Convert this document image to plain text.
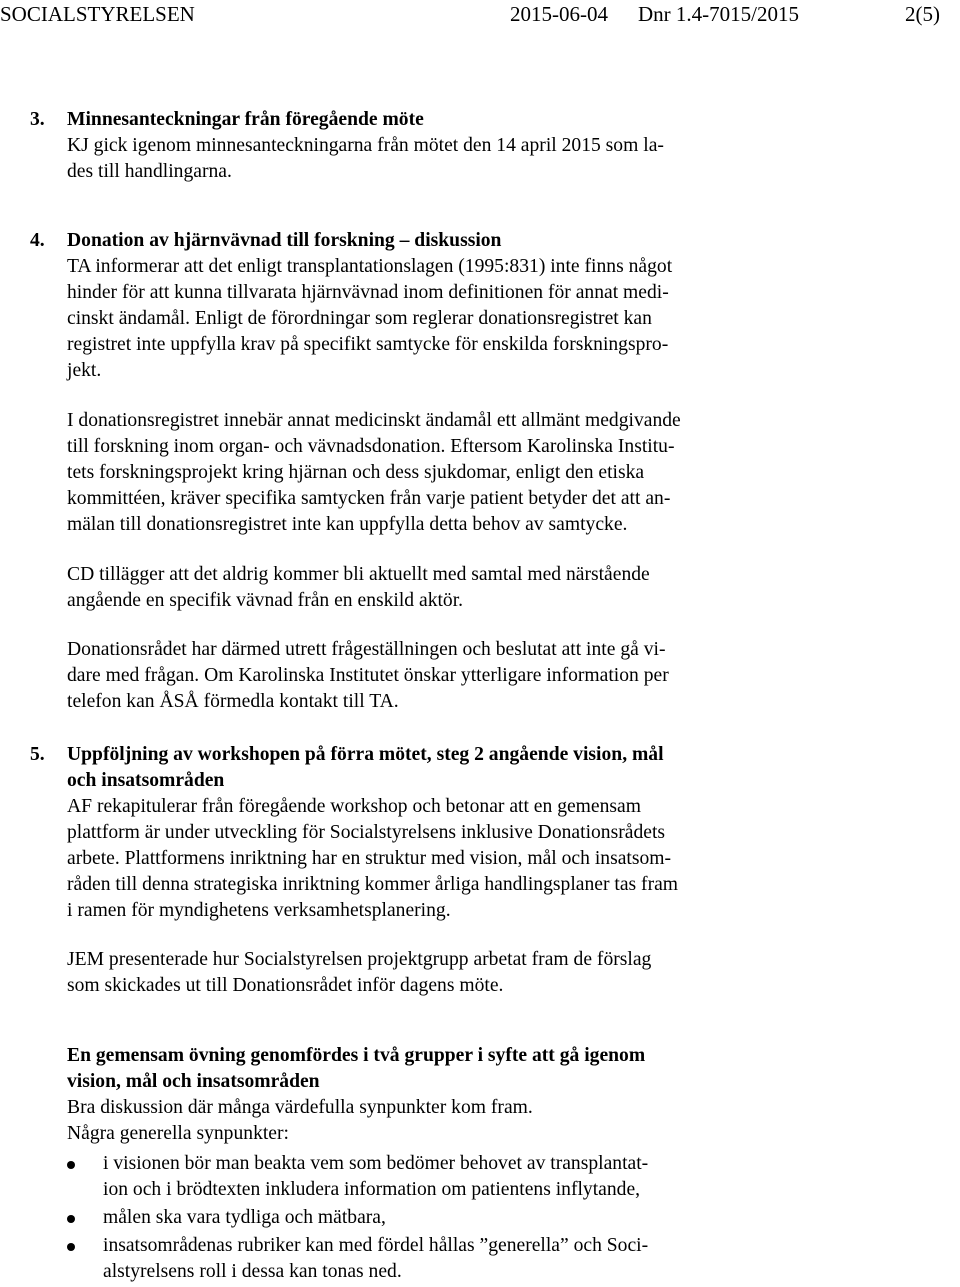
SOCIALSTYRELSEN	2015-06-04 Dnr 1.4-7015/2015	2(5)
3. Minnesanteckningar från föregående möte
KJ gick igenom minnesanteckningarna från mötet den 14 april 2015 som la-
des till handlingarna.
4. Donation av hjärnvävnad till forskning – diskussion
TA informerar att det enligt transplantationslagen (1995:831) inte finns något
hinder för att kunna tillvarata hjärnvävnad inom definitionen för annat medi-
cinskt ändamål. Enligt de förordningar som reglerar donationsregistret kan
registret inte uppfylla krav på specifikt samtycke för enskilda forskningspro-
jekt.
I donationsregistret innebär annat medicinskt ändamål ett allmänt medgivande
till forskning inom organ- och vävnadsdonation. Eftersom Karolinska Institu-
tets forskningsprojekt kring hjärnan och dess sjukdomar, enligt den etiska
kommittéen, kräver specifika samtycken från varje patient betyder det att an-
mälan till donationsregistret inte kan uppfylla detta behov av samtycke.
CD tillägger att det aldrig kommer bli aktuellt med samtal med närstående
angående en specifik vävnad från en enskild aktör.
Donationsrådet har därmed utrett frågeställningen och beslutat att inte gå vi-
dare med frågan. Om Karolinska Institutet önskar ytterligare information per
telefon kan ÅSÅ förmedla kontakt till TA.
5. Uppföljning av workshopen på förra mötet, steg 2 angående vision, mål
och insatsområden
AF rekapitulerar från föregående workshop och betonar att en gemensam
plattform är under utveckling för Socialstyrelsens inklusive Donationsrådets
arbete. Plattformens inriktning har en struktur med vision, mål och insatsom-
råden till denna strategiska inriktning kommer årliga handlingsplaner tas fram
i ramen för myndighetens verksamhetsplanering.
JEM presenterade hur Socialstyrelsen projektgrupp arbetat fram de förslag
som skickades ut till Donationsrådet inför dagens möte.
En gemensam övning genomfördes i två grupper i syfte att gå igenom
vision, mål och insatsområden
Bra diskussion där många värdefulla synpunkter kom fram.
Några generella synpunkter:
i visionen bör man beakta vem som bedömer behovet av transplantat-
ion och i brödtexten inkludera information om patientens inflytande,
målen ska vara tydliga och mätbara,
insatsområdenas rubriker kan med fördel hållas ”generella” och Soci-
alstyrelsens roll i dessa kan tonas ned.
